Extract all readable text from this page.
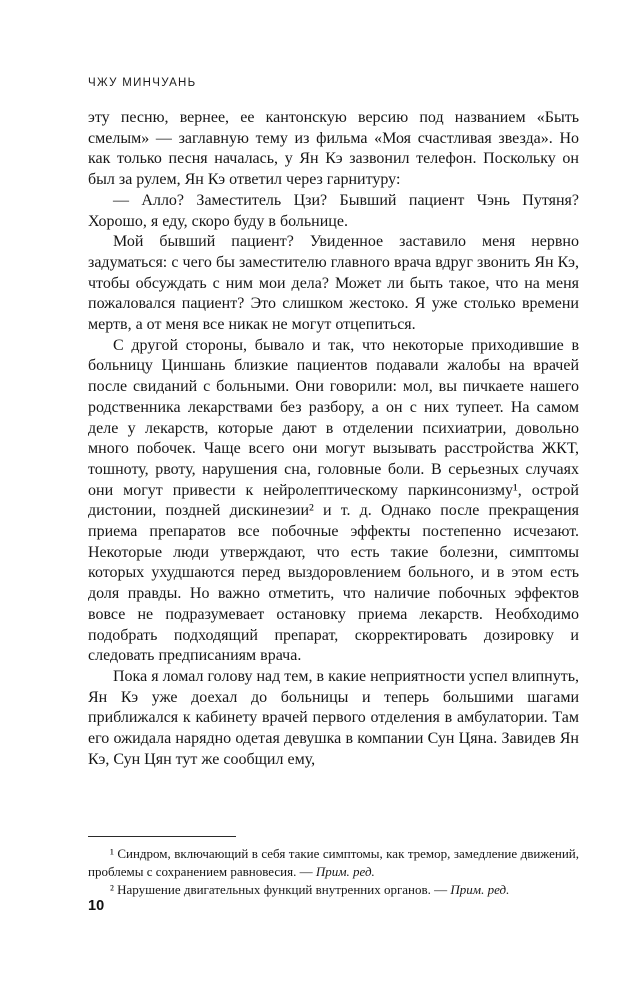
ЧЖУ МИНЧУАНЬ

эту песню, вернее, ее кантонскую версию под названием «Быть смелым» — заглавную тему из фильма «Моя счастливая звезда». Но как только песня началась, у Ян Кэ зазвонил телефон. Поскольку он был за рулем, Ян Кэ ответил через гарнитуру:

— Алло? Заместитель Цзи? Бывший пациент Чэнь Путяня? Хорошо, я еду, скоро буду в больнице.

Мой бывший пациент? Увиденное заставило меня нервно задуматься: с чего бы заместителю главного врача вдруг звонить Ян Кэ, чтобы обсуждать с ним мои дела? Может ли быть такое, что на меня пожаловался пациент? Это слишком жестоко. Я уже столько времени мертв, а от меня все никак не могут отцепиться.

С другой стороны, бывало и так, что некоторые приходившие в больницу Циншань близкие пациентов подавали жалобы на врачей после свиданий с больными. Они говорили: мол, вы пичкаете нашего родственника лекарствами без разбору, а он с них тупеет. На самом деле у лекарств, которые дают в отделении психиатрии, довольно много побочек. Чаще всего они могут вызывать расстройства ЖКТ, тошноту, рвоту, нарушения сна, головные боли. В серьезных случаях они могут привести к нейролептическому паркинсонизму¹, острой дистонии, поздней дискинезии² и т. д. Однако после прекращения приема препаратов все побочные эффекты постепенно исчезают. Некоторые люди утверждают, что есть такие болезни, симптомы которых ухудшаются перед выздоровлением больного, и в этом есть доля правды. Но важно отметить, что наличие побочных эффектов вовсе не подразумевает остановку приема лекарств. Необходимо подобрать подходящий препарат, скорректировать дозировку и следовать предписаниям врача.

Пока я ломал голову над тем, в какие неприятности успел влипнуть, Ян Кэ уже доехал до больницы и теперь большими шагами приближался к кабинету врачей первого отделения в амбулатории. Там его ожидала нарядно одетая девушка в компании Сун Цяна. Завидев Ян Кэ, Сун Цян тут же сообщил ему,

¹ Синдром, включающий в себя такие симптомы, как тремор, замедление движений, проблемы с сохранением равновесия. — Прим. ред.

² Нарушение двигательных функций внутренних органов. — Прим. ред.

10
